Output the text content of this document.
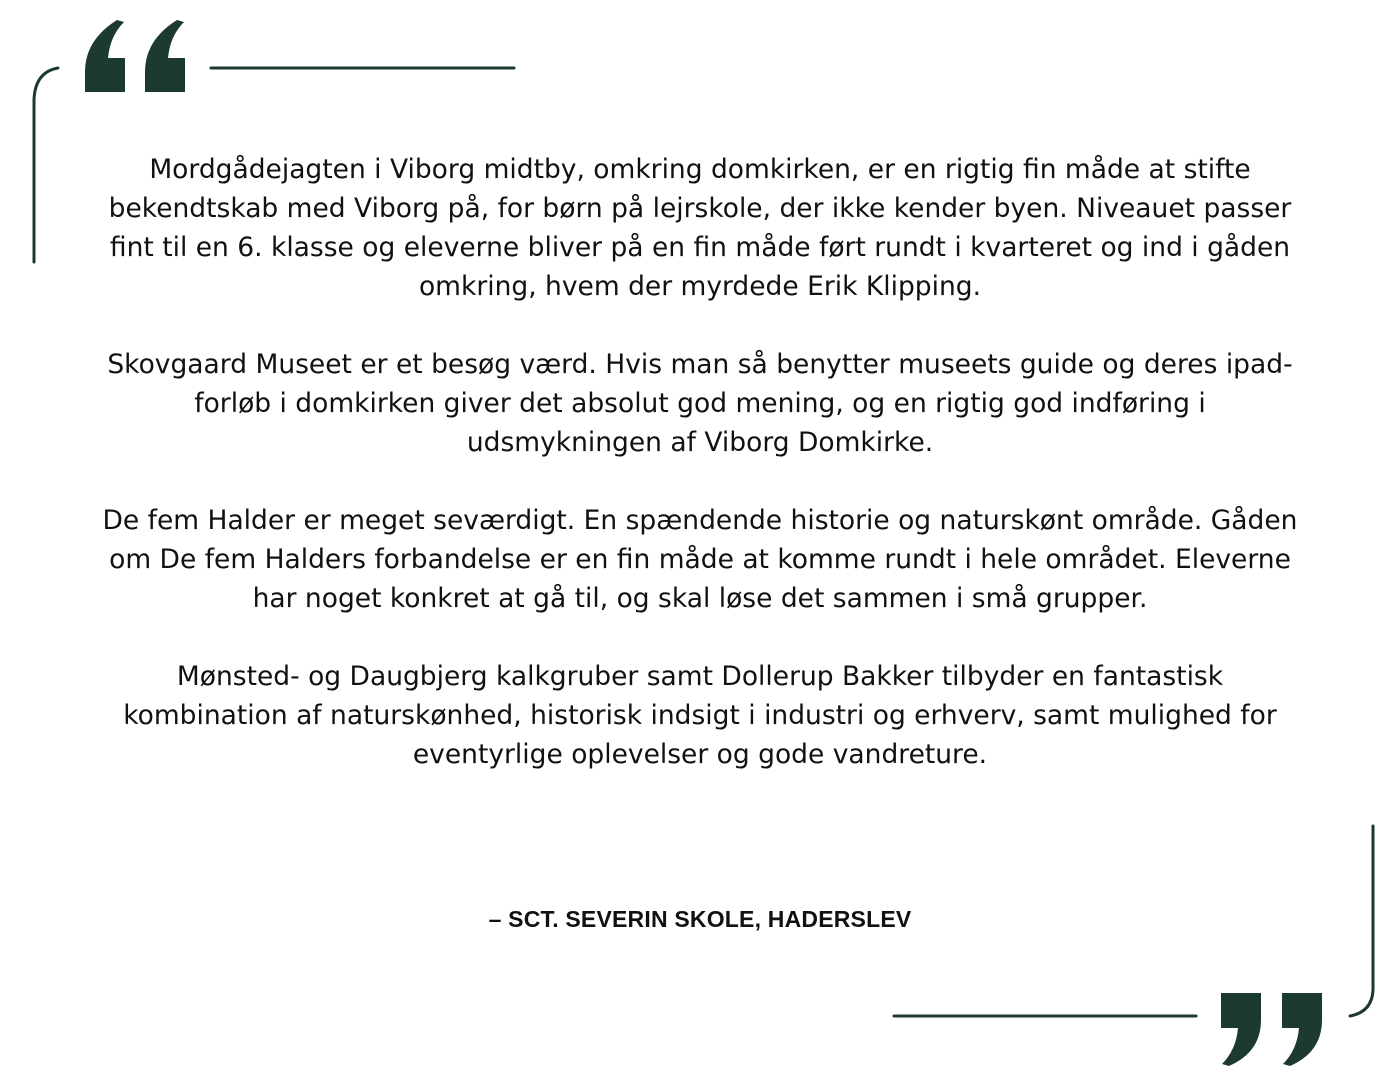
Mordgådejagten i Viborg midtby, omkring domkirken, er en rigtig fin måde at stifte bekendtskab med Viborg på, for børn på lejrskole, der ikke kender byen. Niveauet passer fint til en 6. klasse og eleverne bliver på en fin måde ført rundt i kvarteret og ind i gåden omkring, hvem der myrdede Erik Klipping.

Skovgaard Museet er et besøg værd. Hvis man så benytter museets guide og deres ipad-forløb i domkirken giver det absolut god mening, og en rigtig god indføring i udsmykningen af Viborg Domkirke.

De fem Halder er meget seværdigt. En spændende historie og naturskønt område. Gåden om De fem Halders forbandelse er en fin måde at komme rundt i hele området. Eleverne har noget konkret at gå til, og skal løse det sammen i små grupper.

Mønsted- og Daugbjerg kalkgruber samt Dollerup Bakker tilbyder en fantastisk kombination af naturskønhed, historisk indsigt i industri og erhverv, samt mulighed for eventyrlige oplevelser og gode vandreture.

– SCT. SEVERIN SKOLE, HADERSLEV
